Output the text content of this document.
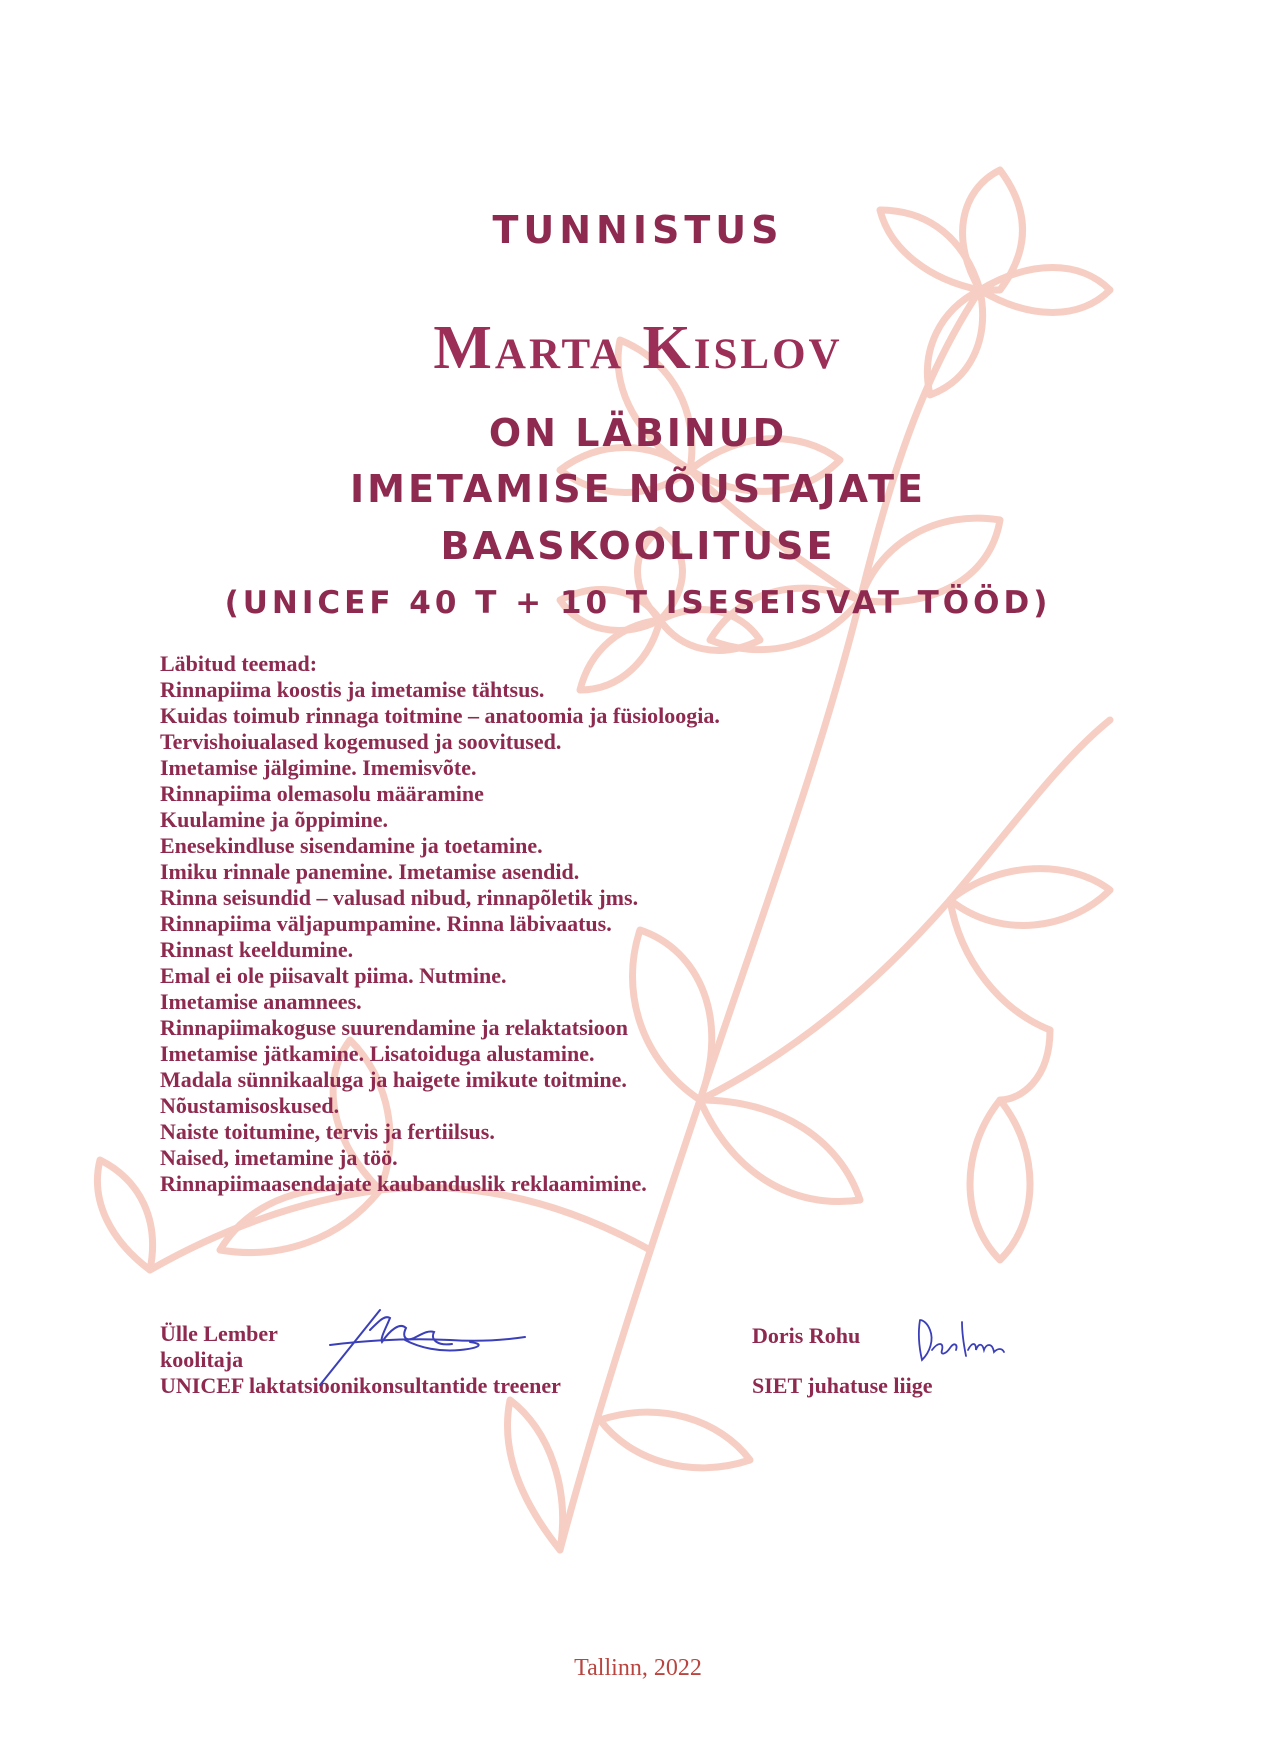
TUNNISTUS
Marta Kislov

ON LÄBINUD

IMETAMISE NÕUSTAJATE

BAASKOOLITUSE

(UNICEF 40 T + 10 T ISESEISVAT TÖÖD)

Läbitud teemad:

Rinnapiima koostis ja imetamise tähtsus.
Kuidas toimub rinnaga toitmine – anatoomia ja füsioloogia.
Tervishoiualased kogemused ja soovitused.
Imetamise jälgimine. Imemisvõte.
Rinnapiima olemasolu määramine
Kuulamine ja õppimine.
Enesekindluse sisendamine ja toetamine.
Imiku rinnale panemine. Imetamise asendid.
Rinna seisundid – valusad nibud, rinnapõletik jms.
Rinnapiima väljapumpamine. Rinna läbivaatus.
Rinnast keeldumine.
Emal ei ole piisavalt piima. Nutmine.
Imetamise anamnees.
Rinnapiimakoguse suurendamine ja relaktatsioon
Imetamise jätkamine. Lisatoiduga alustamine.
Madala sünnikaaluga ja haigete imikute toitmine.
Nõustamisoskused.
Naiste toitumine, tervis ja fertiilsus.
Naised, imetamine ja töö.
Rinnapiimaasendajate kaubanduslik reklaamimine.

Ülle Lember

koolitaja

UNICEF laktatsioonikonsultantide treener

Doris Rohu

SIET juhatuse liige

Tallinn, 2022
